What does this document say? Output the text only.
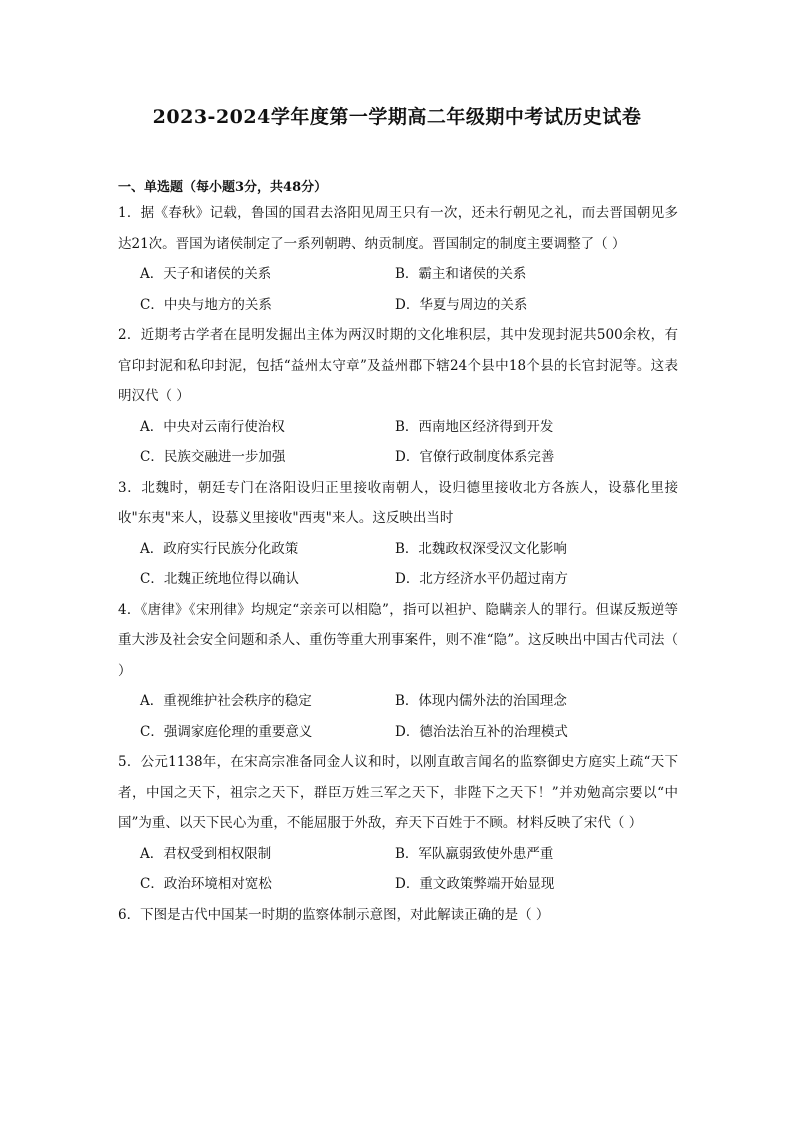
2023-2024学年度第一学期高二年级期中考试历史试卷
一、单选题（每小题3分，共48分）
1．据《春秋》记载，鲁国的国君去洛阳见周王只有一次，还未行朝见之礼，而去晋国朝见多达21次。晋国为诸侯制定了一系列朝聘、纳贡制度。晋国制定的制度主要调整了（ ）
A．天子和诸侯的关系	B．霸主和诸侯的关系
C．中央与地方的关系	D．华夏与周边的关系
2．近期考古学者在昆明发掘出主体为两汉时期的文化堆积层，其中发现封泥共500余枚，有官印封泥和私印封泥，包括“益州太守章”及益州郡下辖24个县中18个县的长官封泥等。这表明汉代（ ）
A．中央对云南行使治权	B．西南地区经济得到开发
C．民族交融进一步加强	D．官僚行政制度体系完善
3．北魏时，朝廷专门在洛阳设归正里接收南朝人，设归德里接收北方各族人，设慕化里接收"东夷"来人，设慕义里接收"西夷"来人。这反映出当时
A．政府实行民族分化政策	B．北魏政权深受汉文化影响
C．北魏正统地位得以确认	D．北方经济水平仍超过南方
4．《唐律》《宋刑律》均规定“亲亲可以相隐”，指可以袒护、隐瞒亲人的罪行。但谋反叛逆等重大涉及社会安全问题和杀人、重伤等重大刑事案件，则不准“隐”。这反映出中国古代司法（ ）
A．重视维护社会秩序的稳定	B．体现内儒外法的治国理念
C．强调家庭伦理的重要意义	D．德治法治互补的治理模式
5．公元1138年，在宋高宗准备同金人议和时，以刚直敢言闻名的监察御史方庭实上疏“天下者，中国之天下，祖宗之天下，群臣万姓三军之天下，非陛下之天下！”并劝勉高宗要以“中国”为重、以天下民心为重，不能屈服于外敌，弃天下百姓于不顾。材料反映了宋代（ ）
A．君权受到相权限制	B．军队羸弱致使外患严重
C．政治环境相对宽松	D．重文政策弊端开始显现
6．下图是古代中国某一时期的监察体制示意图，对此解读正确的是（ ）
